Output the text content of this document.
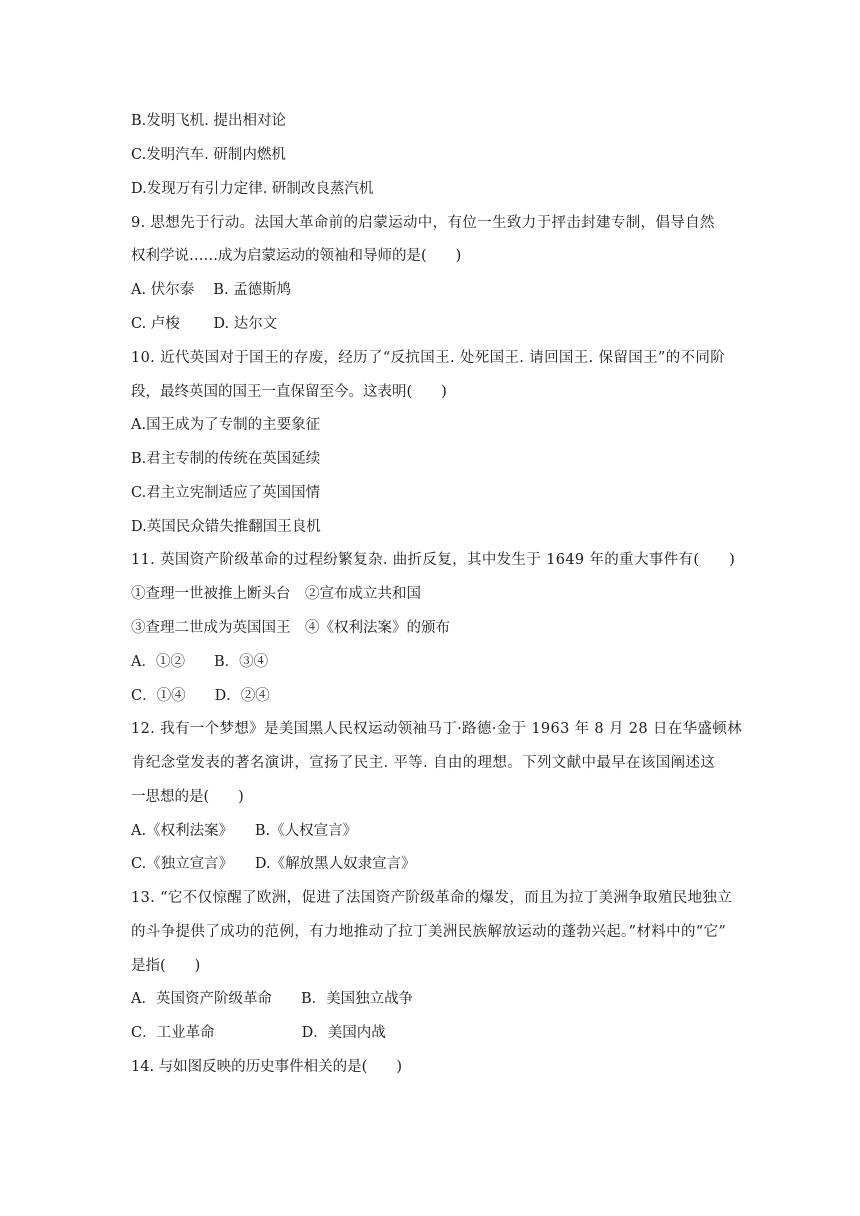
B.发明飞机. 提出相对论
C.发明汽车. 研制内燃机
D.发现万有引力定律. 研制改良蒸汽机
9. 思想先于行动。法国大革命前的启蒙运动中，有位一生致力于抨击封建专制，倡导自然
权利学说……成为启蒙运动的领袖和导师的是(　　)
A. 伏尔泰　 B. 孟德斯鸠
C. 卢梭　　 D. 达尔文
10. 近代英国对于国王的存废，经历了“反抗国王. 处死国王. 请回国王. 保留国王”的不同阶
段，最终英国的国王一直保留至今。这表明(　　)
A.国王成为了专制的主要象征
B.君主专制的传统在英国延续
C.君主立宪制适应了英国国情
D.英国民众错失推翻国王良机
11. 英国资产阶级革命的过程纷繁复杂. 曲折反复，其中发生于 1649 年的重大事件有(　　)
①查理一世被推上断头台　②宣布成立共和国
③查理二世成为英国国王　④《权利法案》的颁布
A．①②　　B．③④
C．①④　　D．②④
12. 我有一个梦想》是美国黑人民权运动领袖马丁·路德·金于 1963 年 8 月 28 日在华盛顿林
肯纪念堂发表的著名演讲，宣扬了民主. 平等. 自由的理想。下列文献中最早在该国阐述这
一思想的是(　　)
A.《权利法案》　　B.《人权宣言》
C.《独立宣言》　　D.《解放黑人奴隶宣言》
13. “它不仅惊醒了欧洲，促进了法国资产阶级革命的爆发，而且为拉丁美洲争取殖民地独立
的斗争提供了成功的范例，有力地推动了拉丁美洲民族解放运动的蓬勃兴起。”材料中的“它”
是指(　　)
A．英国资产阶级革命　　B．美国独立战争
C．工业革命　　　　　　D．美国内战
14. 与如图反映的历史事件相关的是(　　)
